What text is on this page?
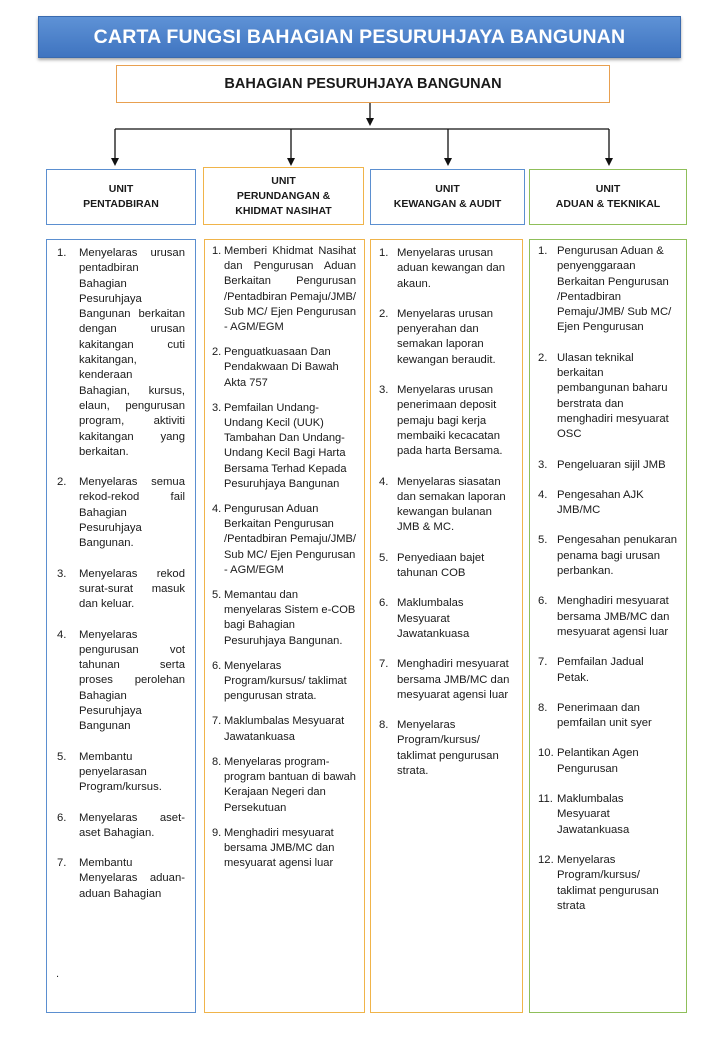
CARTA FUNGSI BAHAGIAN PESURUHJAYA BANGUNAN
BAHAGIAN PESURUHJAYA BANGUNAN
UNIT
PENTADBIRAN
UNIT
PERUNDANGAN &
KHIDMAT NASIHAT
UNIT
KEWANGAN & AUDIT
UNIT
ADUAN & TEKNIKAL
1.	Menyelaras urusan pentadbiran Bahagian Pesuruhjaya Bangunan berkaitan dengan urusan kakitangan cuti kakitangan, kenderaan Bahagian, kursus, elaun, pengurusan program, aktiviti kakitangan yang berkaitan.
2.	Menyelaras semua rekod-rekod fail Bahagian Pesuruhjaya Bangunan.
3.	Menyelaras rekod surat-surat masuk dan keluar.
4.	Menyelaras pengurusan vot tahunan serta proses perolehan Bahagian Pesuruhjaya Bangunan
5.	Membantu penyelarasan Program/kursus.
6.	Menyelaras aset-aset Bahagian.
7.	Membantu Menyelaras aduan-aduan Bahagian
.
1. Memberi Khidmat Nasihat dan Pengurusan Aduan Berkaitan Pengurusan /Pentadbiran Pemaju/JMB/ Sub MC/ Ejen Pengurusan - AGM/EGM
2. Penguatkuasaan Dan Pendakwaan Di Bawah Akta 757
3. Pemfailan Undang-Undang Kecil (UUK) Tambahan Dan Undang-Undang Kecil Bagi Harta Bersama Terhad Kepada Pesuruhjaya Bangunan
4. Pengurusan Aduan Berkaitan Pengurusan /Pentadbiran Pemaju/JMB/ Sub MC/ Ejen Pengurusan - AGM/EGM
5. Memantau dan menyelaras Sistem e-COB bagi Bahagian Pesuruhjaya Bangunan.
6. Menyelaras Program/kursus/ taklimat pengurusan strata.
7. Maklumbalas Mesyuarat Jawatankuasa
8. Menyelaras program-program bantuan di bawah Kerajaan Negeri dan Persekutuan
9. Menghadiri mesyuarat bersama JMB/MC dan mesyuarat agensi luar
1. Menyelaras urusan aduan kewangan dan akaun.
2. Menyelaras urusan penyerahan dan semakan laporan kewangan beraudit.
3. Menyelaras urusan penerimaan deposit pemaju bagi kerja membaiki kecacatan pada harta Bersama.
4. Menyelaras siasatan dan semakan laporan kewangan bulanan JMB & MC.
5. Penyediaan bajet tahunan COB
6. Maklumbalas Mesyuarat Jawatankuasa
7. Menghadiri mesyuarat bersama JMB/MC dan mesyuarat agensi luar
8. Menyelaras Program/kursus/ taklimat pengurusan strata.
1. Pengurusan Aduan & penyenggaraan Berkaitan Pengurusan /Pentadbiran Pemaju/JMB/ Sub MC/ Ejen Pengurusan
2. Ulasan teknikal berkaitan pembangunan baharu berstrata dan menghadiri mesyuarat OSC
3. Pengeluaran sijil JMB
4. Pengesahan AJK JMB/MC
5. Pengesahan penukaran penama bagi urusan perbankan.
6. Menghadiri mesyuarat bersama JMB/MC dan mesyuarat agensi luar
7. Pemfailan Jadual Petak.
8. Penerimaan dan pemfailan unit syer
10. Pelantikan Agen Pengurusan
11. Maklumbalas Mesyuarat Jawatankuasa
12. Menyelaras Program/kursus/ taklimat pengurusan strata
